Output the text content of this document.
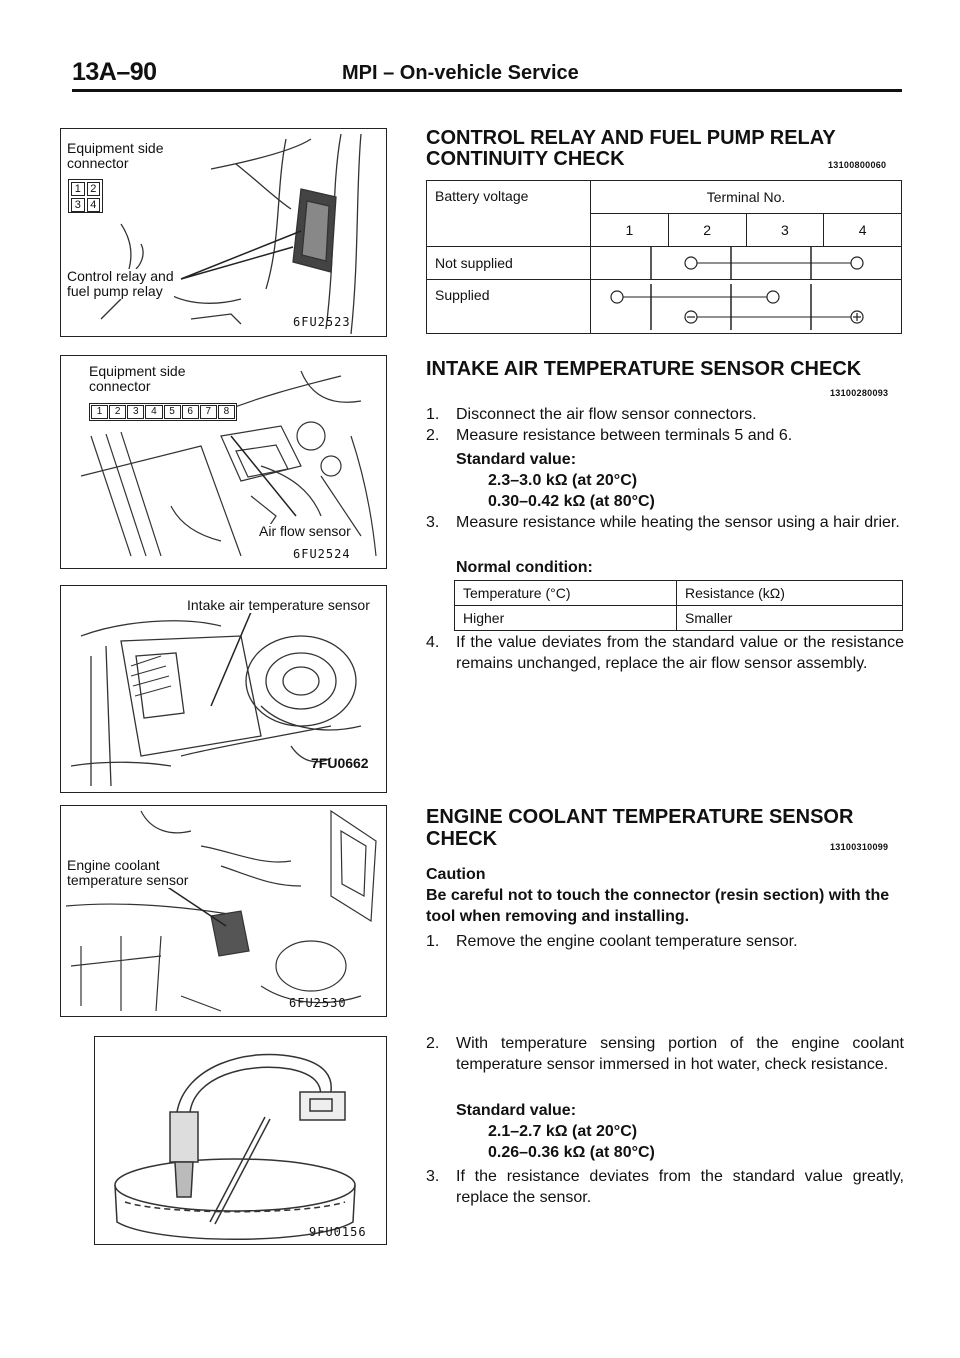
13A–90	MPI – On-vehicle Service
Equipment side
connector
1 2
3 4
Control relay and
fuel pump relay
6FU2523
Equipment side
connector
1	2	3	4	5	6	7	8
Air flow sensor
6FU2524
Intake air temperature sensor
7FU0662
Engine coolant
temperature sensor
6FU2530
9FU0156
CONTROL RELAY AND FUEL PUMP RELAY
CONTINUITY CHECK	13100800060
Battery voltage	Terminal No.			
	1	2	3	4
Not supplied	

Supplied	
INTAKE AIR TEMPERATURE SENSOR CHECK
13100280093
1. Disconnect the air flow sensor connectors.
2. Measure resistance between terminals 5 and 6.
Standard value:
2.3–3.0 kΩ (at 20°C)
0.30–0.42 kΩ (at 80°C)
3. Measure resistance while heating the sensor using a hair drier.
Normal condition:
Temperature (°C)	Resistance (kΩ)
Higher	Smaller
4. If the value deviates from the standard value or the resistance remains unchanged, replace the air flow sensor assembly.
ENGINE COOLANT TEMPERATURE SENSOR
CHECK	13100310099
Caution
Be careful not to touch the connector (resin section) with the tool when removing and installing.
1. Remove the engine coolant temperature sensor.
2. With temperature sensing portion of the engine coolant temperature sensor immersed in hot water, check resistance.
Standard value:
2.1–2.7 kΩ (at 20°C)
0.26–0.36 kΩ (at 80°C)
3. If the resistance deviates from the standard value greatly, replace the sensor.
